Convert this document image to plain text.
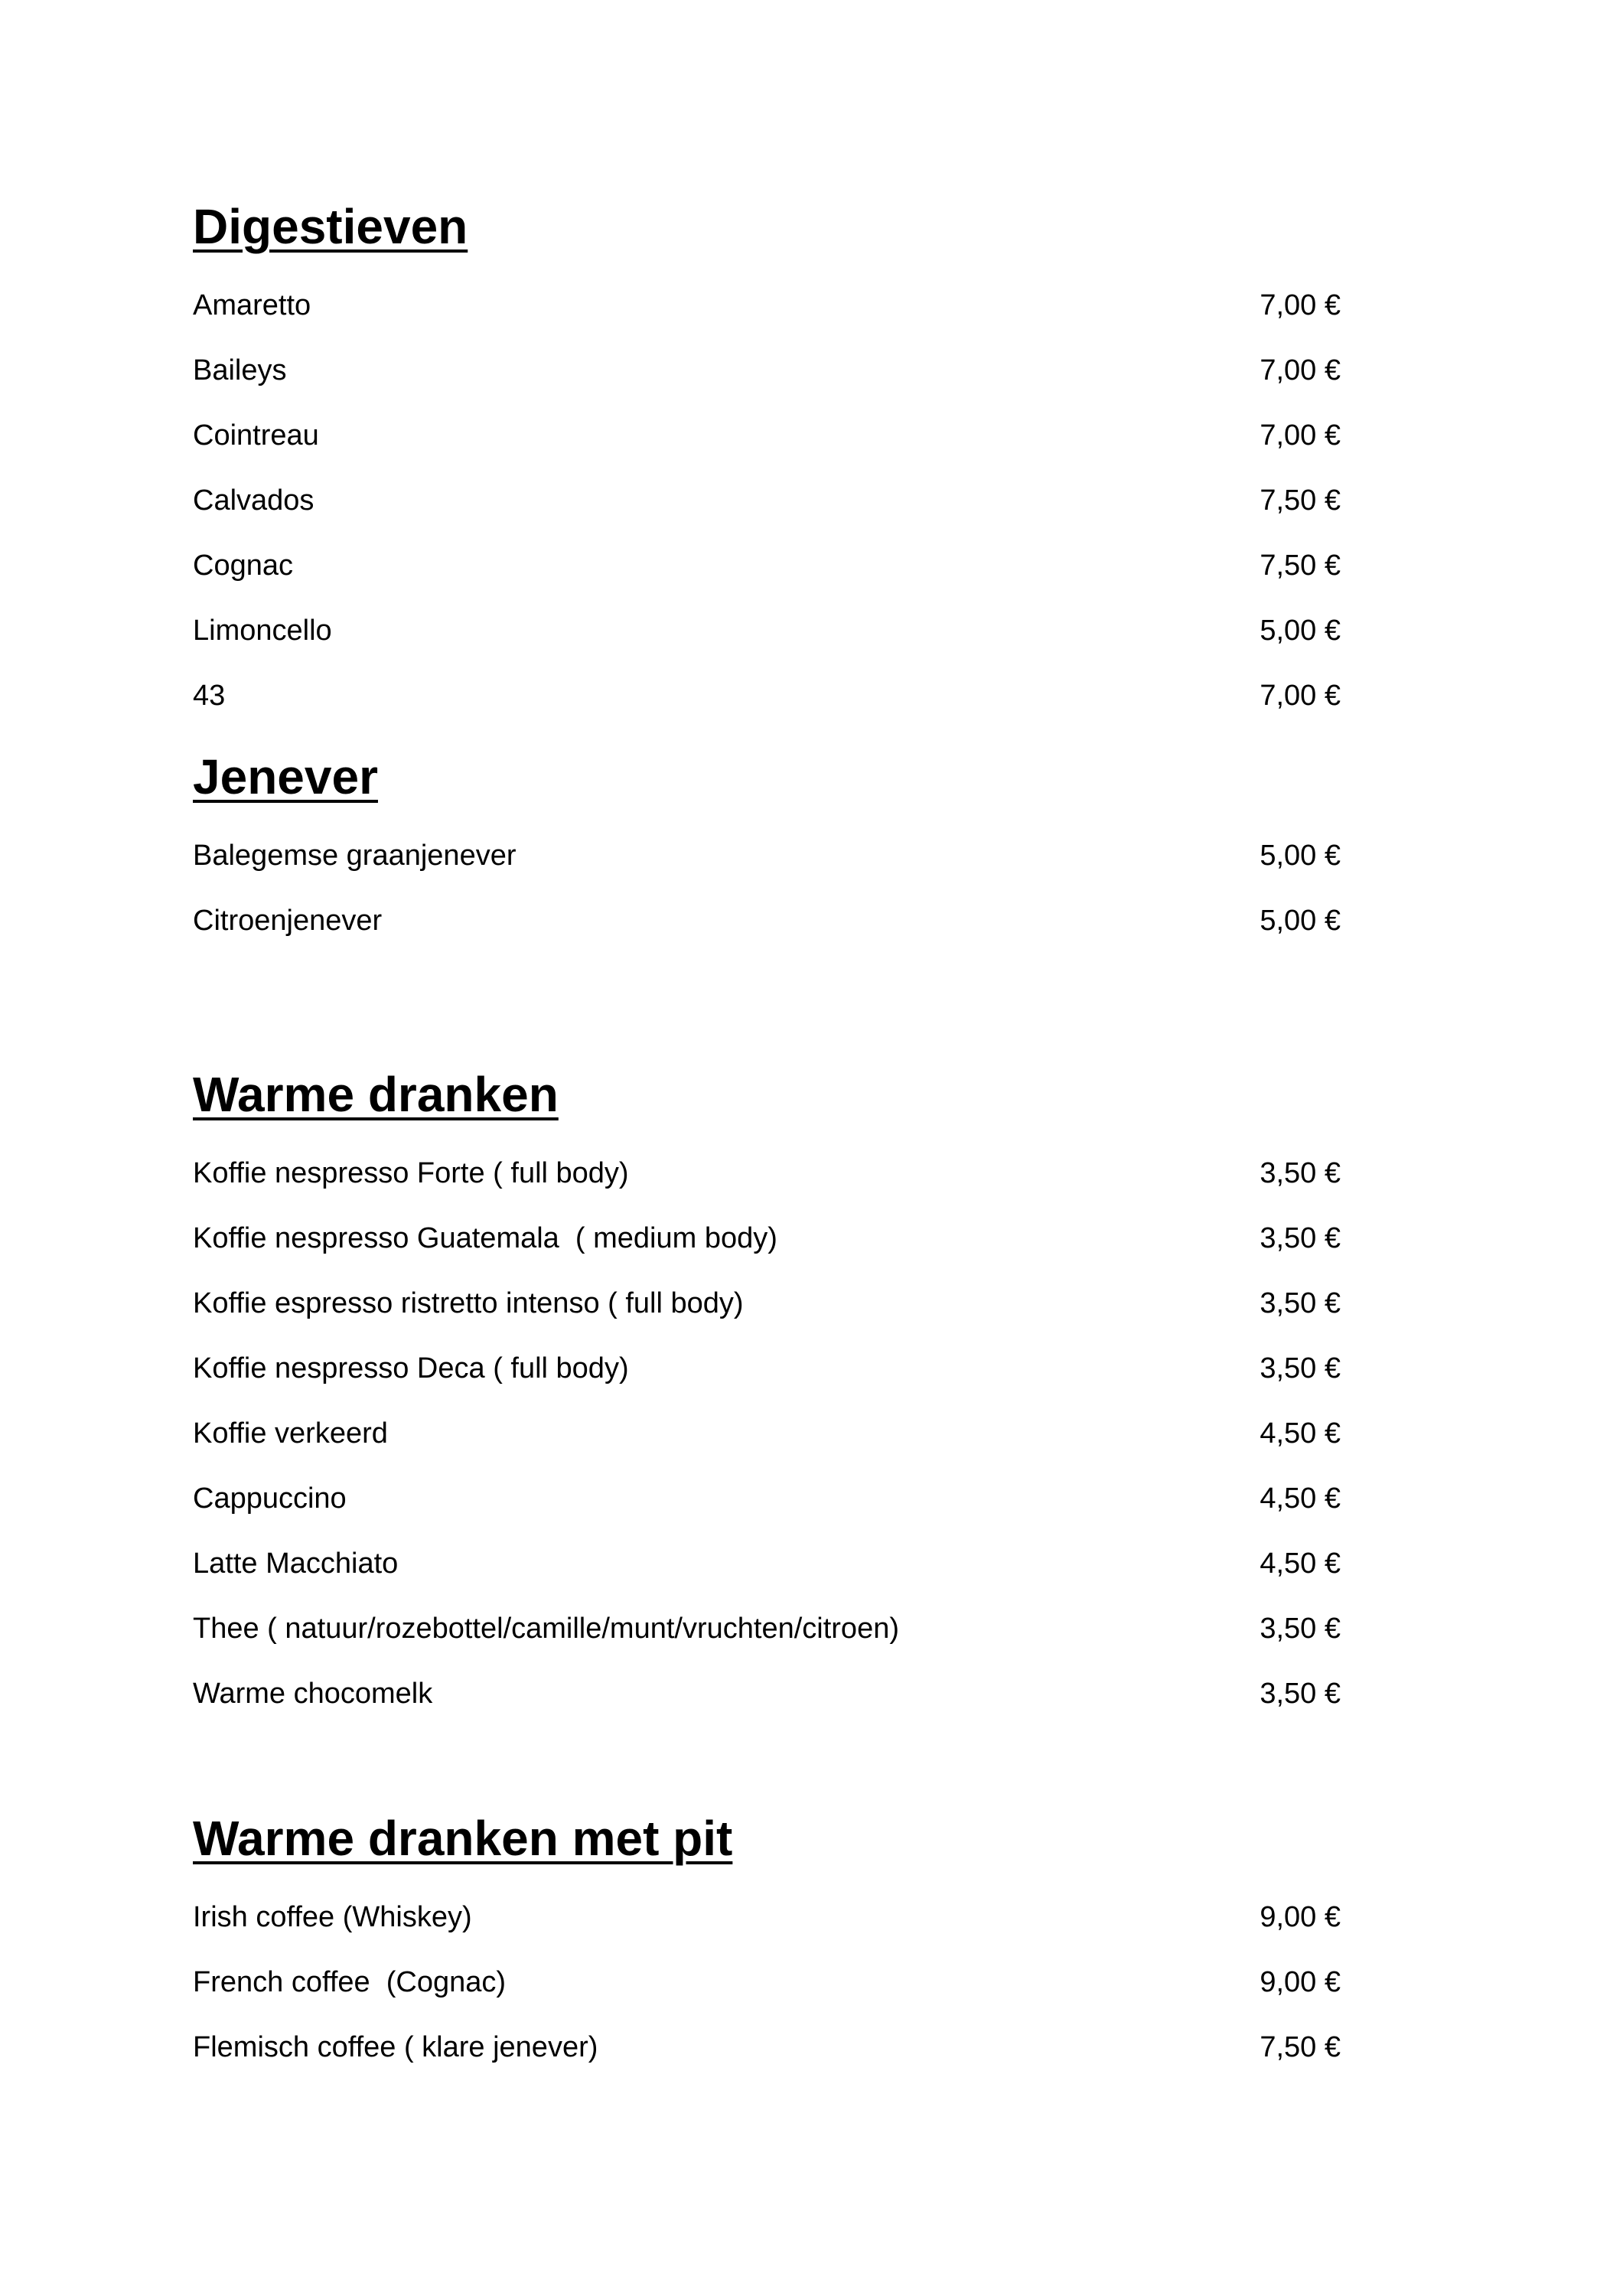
Digestieven
Amaretto	7,00 €
Baileys	7,00 €
Cointreau	7,00 €
Calvados	7,50 €
Cognac	7,50 €
Limoncello	5,00 €
43	7,00 €
Jenever
Balegemse graanjenever	5,00 €
Citroenjenever	5,00 €
Warme dranken
Koffie nespresso Forte ( full body)	3,50 €
Koffie nespresso Guatemala  ( medium body)	3,50 €
Koffie espresso ristretto intenso ( full body)	3,50 €
Koffie nespresso Deca ( full body)	3,50 €
Koffie verkeerd	4,50 €
Cappuccino	4,50 €
Latte Macchiato	4,50 €
Thee ( natuur/rozebottel/camille/munt/vruchten/citroen)	3,50 €
Warme chocomelk	3,50 €
Warme dranken met pit
Irish coffee (Whiskey)	9,00 €
French coffee  (Cognac)	9,00 €
Flemisch coffee ( klare jenever)	7,50 €
